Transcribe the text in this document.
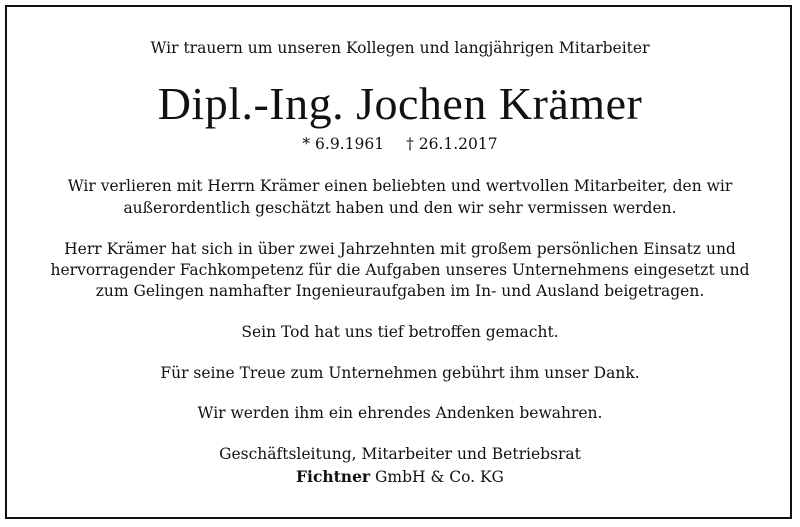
Wir trauern um unseren Kollegen und langjährigen Mitarbeiter
Dipl.-Ing. Jochen Krämer
* 6.9.1961 † 26.1.2017
Wir verlieren mit Herrn Krämer einen beliebten und wertvollen Mitarbeiter, den wir
außerordentlich geschätzt haben und den wir sehr vermissen werden.
Herr Krämer hat sich in über zwei Jahrzehnten mit großem persönlichen Einsatz und
hervorragender Fachkompetenz für die Aufgaben unseres Unternehmens eingesetzt und
zum Gelingen namhafter Ingenieuraufgaben im In- und Ausland beigetragen.
Sein Tod hat uns tief betroffen gemacht.
Für seine Treue zum Unternehmen gebührt ihm unser Dank.
Wir werden ihm ein ehrendes Andenken bewahren.
Geschäftsleitung, Mitarbeiter und Betriebsrat
Fichtner GmbH & Co. KG
